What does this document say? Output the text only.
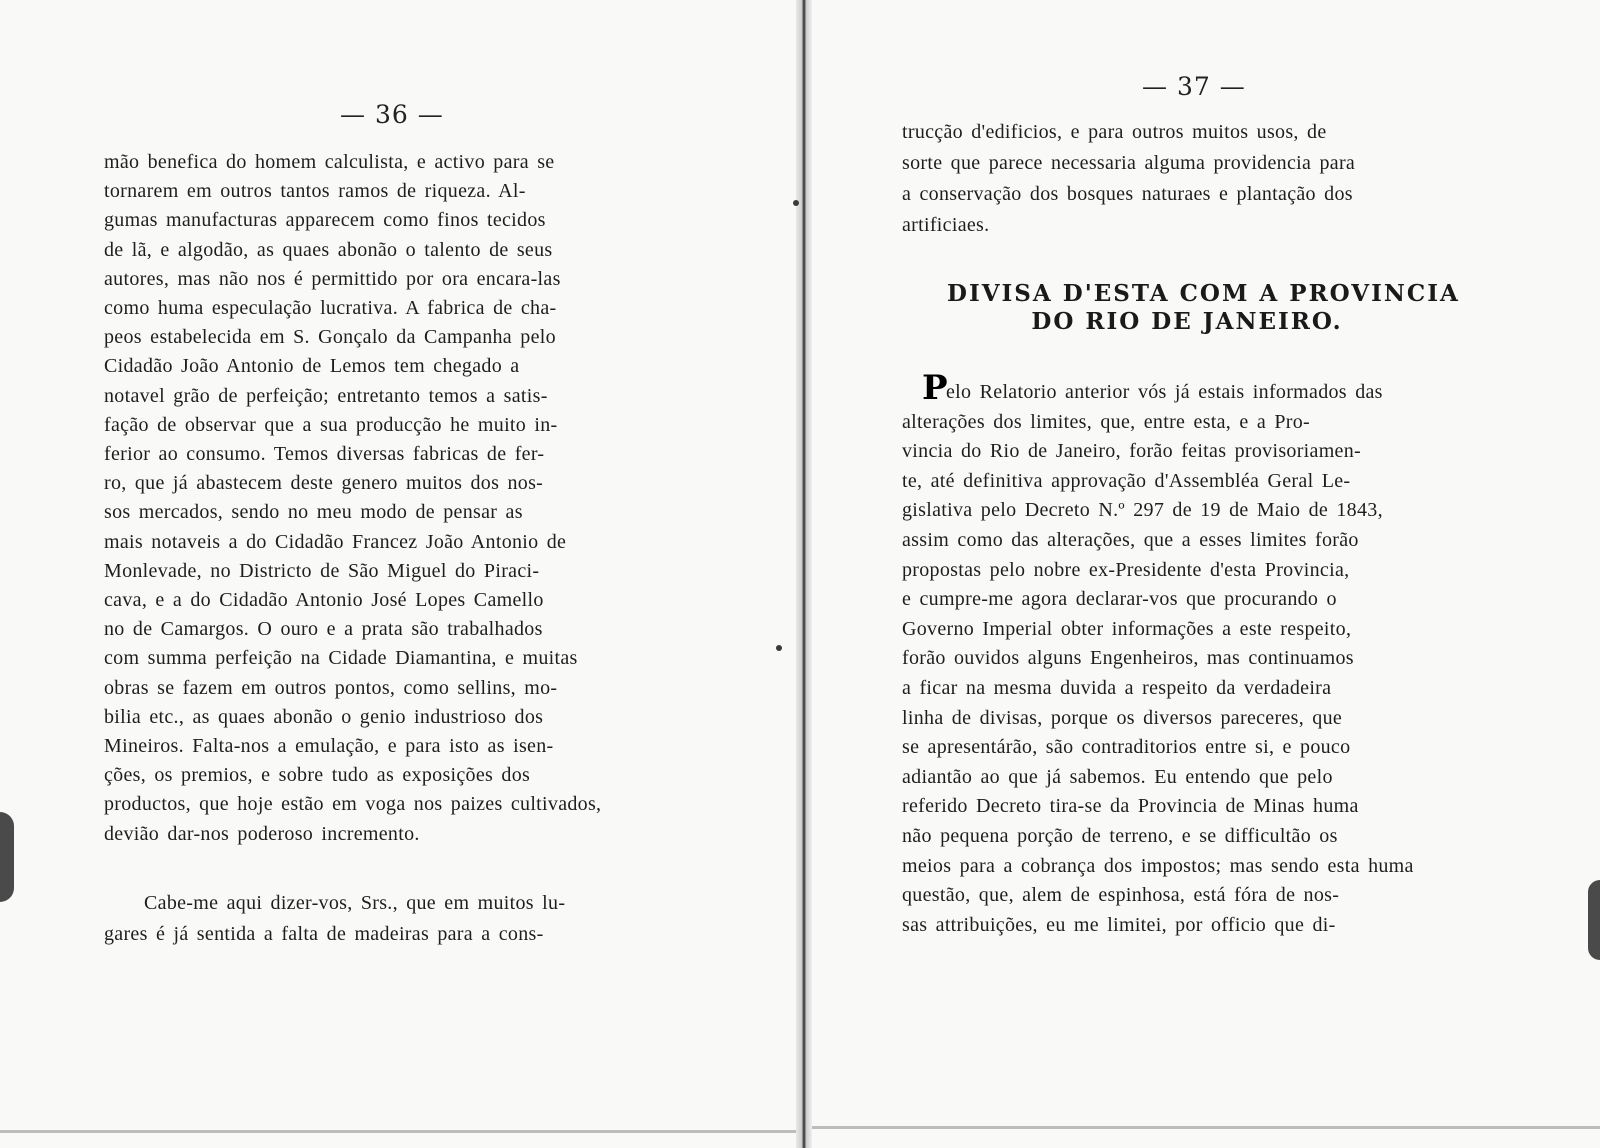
— 36 —
mão benefica do homem calculista, e activo para se
tornarem em outros tantos ramos de riqueza. Al-
gumas manufacturas apparecem como finos tecidos
de lã, e algodão, as quaes abonão o talento de seus
autores, mas não nos é permittido por ora encara-las
como huma especulação lucrativa. A fabrica de cha-
peos estabelecida em S. Gonçalo da Campanha pelo
Cidadão João Antonio de Lemos tem chegado a
notavel grão de perfeição; entretanto temos a satis-
fação de observar que a sua producção he muito in-
ferior ao consumo. Temos diversas fabricas de fer-
ro, que já abastecem deste genero muitos dos nos-
sos mercados, sendo no meu modo de pensar as
mais notaveis a do Cidadão Francez João Antonio de
Monlevade, no Districto de São Miguel do Piraci-
cava, e a do Cidadão Antonio José Lopes Camello
no de Camargos. O ouro e a prata são trabalhados
com summa perfeição na Cidade Diamantina, e muitas
obras se fazem em outros pontos, como sellins, mo-
bilia etc., as quaes abonão o genio industrioso dos
Mineiros. Falta-nos a emulação, e para isto as isen-
ções, os premios, e sobre tudo as exposições dos
productos, que hoje estão em voga nos paizes cultivados,
devião dar-nos poderoso incremento.
Cabe-me aqui dizer-vos, Srs., que em muitos lu-
gares é já sentida a falta de madeiras para a cons-
— 37 —
trucção d'edificios, e para outros muitos usos, de
sorte que parece necessaria alguma providencia para
a conservação dos bosques naturaes e plantação dos
artificiaes.
DIVISA D'ESTA COM A PROVINCIA
DO RIO DE JANEIRO.
P
elo Relatorio anterior vós já estais informados das
alterações dos limites, que, entre esta, e a Pro-
vincia do Rio de Janeiro, forão feitas provisoriamen-
te, até definitiva approvação d'Assembléa Geral Le-
gislativa pelo Decreto N.º 297 de 19 de Maio de 1843,
assim como das alterações, que a esses limites forão
propostas pelo nobre ex-Presidente d'esta Provincia,
e cumpre-me agora declarar-vos que procurando o
Governo Imperial obter informações a este respeito,
forão ouvidos alguns Engenheiros, mas continuamos
a ficar na mesma duvida a respeito da verdadeira
linha de divisas, porque os diversos pareceres, que
se apresentárão, são contraditorios entre si, e pouco
adiantão ao que já sabemos. Eu entendo que pelo
referido Decreto tira-se da Provincia de Minas huma
não pequena porção de terreno, e se difficultão os
meios para a cobrança dos impostos; mas sendo esta huma
questão, que, alem de espinhosa, está fóra de nos-
sas attribuições, eu me limitei, por officio que di-
